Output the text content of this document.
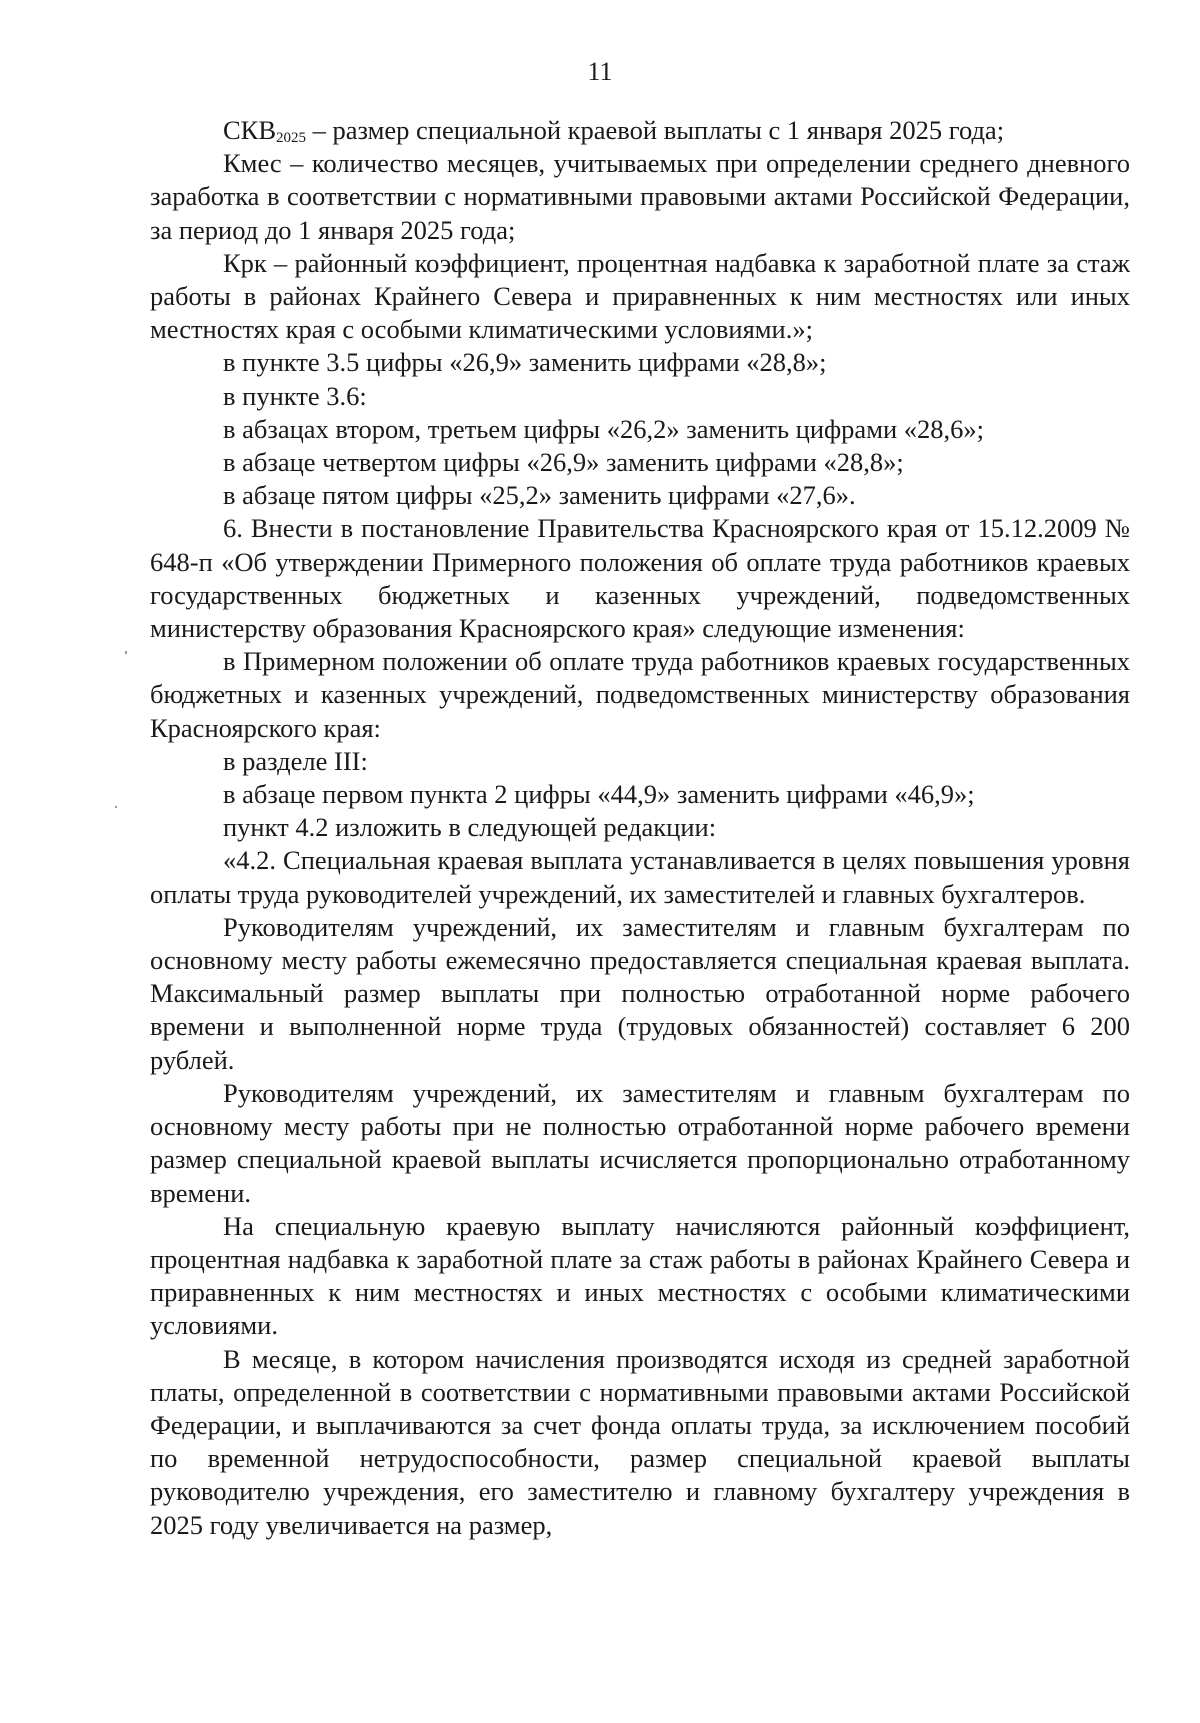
11

$СКВ_{2025}$ – размер специальной краевой выплаты с 1 января 2025 года;

Кмес – количество месяцев, учитываемых при определении среднего дневного заработка в соответствии с нормативными правовыми актами Российской Федерации, за период до 1 января 2025 года;

Крк – районный коэффициент, процентная надбавка к заработной плате за стаж работы в районах Крайнего Севера и приравненных к ним местностях или иных местностях края с особыми климатическими условиями.»;

в пункте 3.5 цифры «26,9» заменить цифрами «28,8»;

в пункте 3.6:

в абзацах втором, третьем цифры «26,2» заменить цифрами «28,6»;

в абзаце четвертом цифры «26,9» заменить цифрами «28,8»;

в абзаце пятом цифры «25,2» заменить цифрами «27,6».

6. Внести в постановление Правительства Красноярского края от 15.12.2009 № 648-п «Об утверждении Примерного положения об оплате труда работников краевых государственных бюджетных и казенных учреждений, подведомственных министерству образования Красноярского края» следующие изменения:

в Примерном положении об оплате труда работников краевых государственных бюджетных и казенных учреждений, подведомственных министерству образования Красноярского края:

в разделе III:

в абзаце первом пункта 2 цифры «44,9» заменить цифрами «46,9»;

пункт 4.2 изложить в следующей редакции:

«4.2. Специальная краевая выплата устанавливается в целях повышения уровня оплаты труда руководителей учреждений, их заместителей и главных бухгалтеров.

Руководителям учреждений, их заместителям и главным бухгалтерам по основному месту работы ежемесячно предоставляется специальная краевая выплата. Максимальный размер выплаты при полностью отработанной норме рабочего времени и выполненной норме труда (трудовых обязанностей) составляет 6 200 рублей.

Руководителям учреждений, их заместителям и главным бухгалтерам по основному месту работы при не полностью отработанной норме рабочего времени размер специальной краевой выплаты исчисляется пропорционально отработанному времени.

На специальную краевую выплату начисляются районный коэффициент, процентная надбавка к заработной плате за стаж работы в районах Крайнего Севера и приравненных к ним местностях и иных местностях с особыми климатическими условиями.

В месяце, в котором начисления производятся исходя из средней заработной платы, определенной в соответствии с нормативными правовыми актами Российской Федерации, и выплачиваются за счет фонда оплаты труда, за исключением пособий по временной нетрудоспособности, размер специальной краевой выплаты руководителю учреждения, его заместителю и главному бухгалтеру учреждения в 2025 году увеличивается на размер,
